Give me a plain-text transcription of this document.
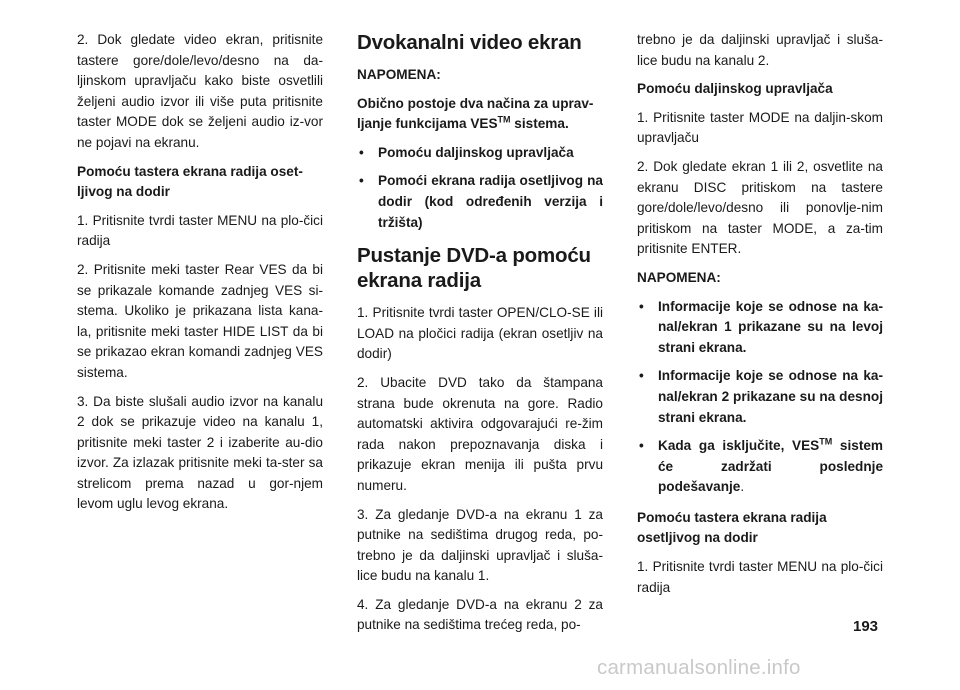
2. Dok gledate video ekran, pritisnite tastere gore/dole/levo/desno na da-ljinskom upravljaču kako biste osvetlili željeni audio izvor ili više puta pritisnite taster MODE dok se željeni audio iz-vor ne pojavi na ekranu.

Pomoću tastera ekrana radija oset-ljivog na dodir

1. Pritisnite tvrdi taster MENU na plo-čici radija

2. Pritisnite meki taster Rear VES da bi se prikazale komande zadnjeg VES si-stema. Ukoliko je prikazana lista kana-la, pritisnite meki taster HIDE LIST da bi se prikazao ekran komandi zadnjeg VES sistema.

3. Da biste slušali audio izvor na kanalu 2 dok se prikazuje video na kanalu 1, pritisnite meki taster 2 i izaberite au-dio izvor. Za izlazak pritisnite meki ta-ster sa strelicom prema nazad u gor-njem levom uglu levog ekrana.

Dvokanalni video ekran
NAPOMENA:

Obično postoje dva načina za uprav-ljanje funkcijama VES™ sistema.

• Pomoću daljinskog upravljača
• Pomoći ekrana radija osetljivog na dodir (kod određenih verzija i tržišta)
Pustanje DVD-a pomoću ekrana radija

1. Pritisnite tvrdi taster OPEN/CLO-SE ili LOAD na pločici radija (ekran osetljiv na dodir)

2. Ubacite DVD tako da štampana strana bude okrenuta na gore. Radio automatski aktivira odgovarajući re-žim rada nakon prepoznavanja diska i prikazuje ekran menija ili pušta prvu numeru.

3. Za gledanje DVD-a na ekranu 1 za putnike na sedištima drugog reda, po-trebno je da daljinski upravljač i sluša-lice budu na kanalu 1.

4. Za gledanje DVD-a na ekranu 2 za putnike na sedištima trećeg reda, po-

trebno je da daljinski upravljač i sluša-lice budu na kanalu 2.

Pomoću daljinskog upravljača

1. Pritisnite taster MODE na daljin-skom upravljaču

2. Dok gledate ekran 1 ili 2, osvetlite na ekranu DISC pritiskom na tastere gore/dole/levo/desno ili ponovlje-nim pritiskom na taster MODE, a za-tim pritisnite ENTER.

NAPOMENA:
• Informacije koje se odnose na ka-nal/ekran 1 prikazane su na levoj strani ekrana.
• Informacije koje se odnose na ka-nal/ekran 2 prikazane su na desnoj strani ekrana.
• Kada ga isključite, VES™ sistem će zadržati poslednje podešavanje.

Pomoću tastera ekrana radija osetljivog na dodir

1. Pritisnite tvrdi taster MENU na plo-čici radija

193
carmanualsonline.info
